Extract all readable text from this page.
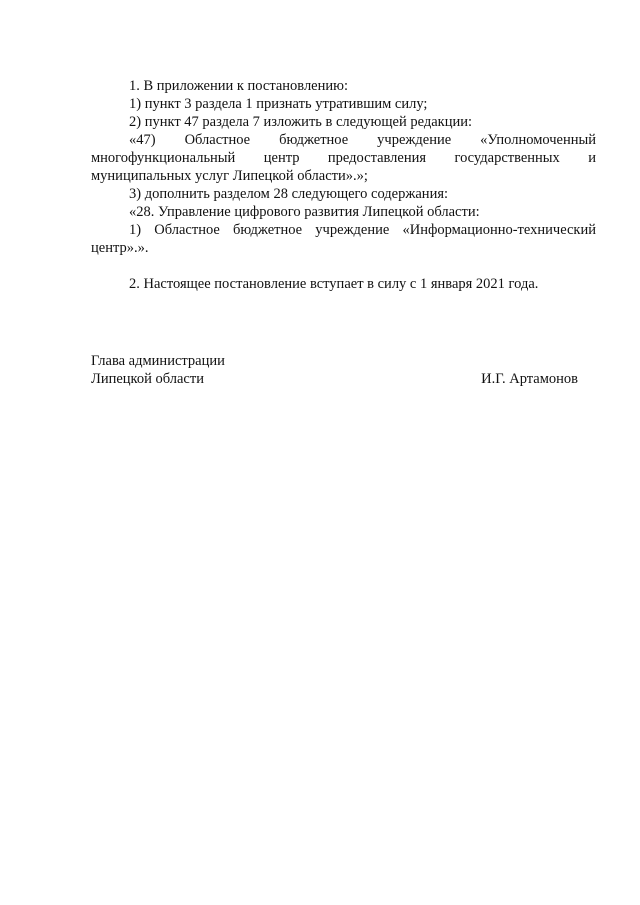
1. В приложении к постановлению:

1) пункт 3 раздела 1 признать утратившим силу;

2) пункт 47 раздела 7 изложить в следующей редакции:

«47) Областное бюджетное учреждение «Уполномоченный многофункциональный центр предоставления государственных и муниципальных услуг Липецкой области».»;

3) дополнить разделом 28 следующего содержания:

«28. Управление цифрового развития Липецкой области:

1) Областное бюджетное учреждение «Информационно-технический центр».».

2. Настоящее постановление вступает в силу с 1 января 2021 года.

Глава администрации

Липецкой области	И.Г. Артамонов
